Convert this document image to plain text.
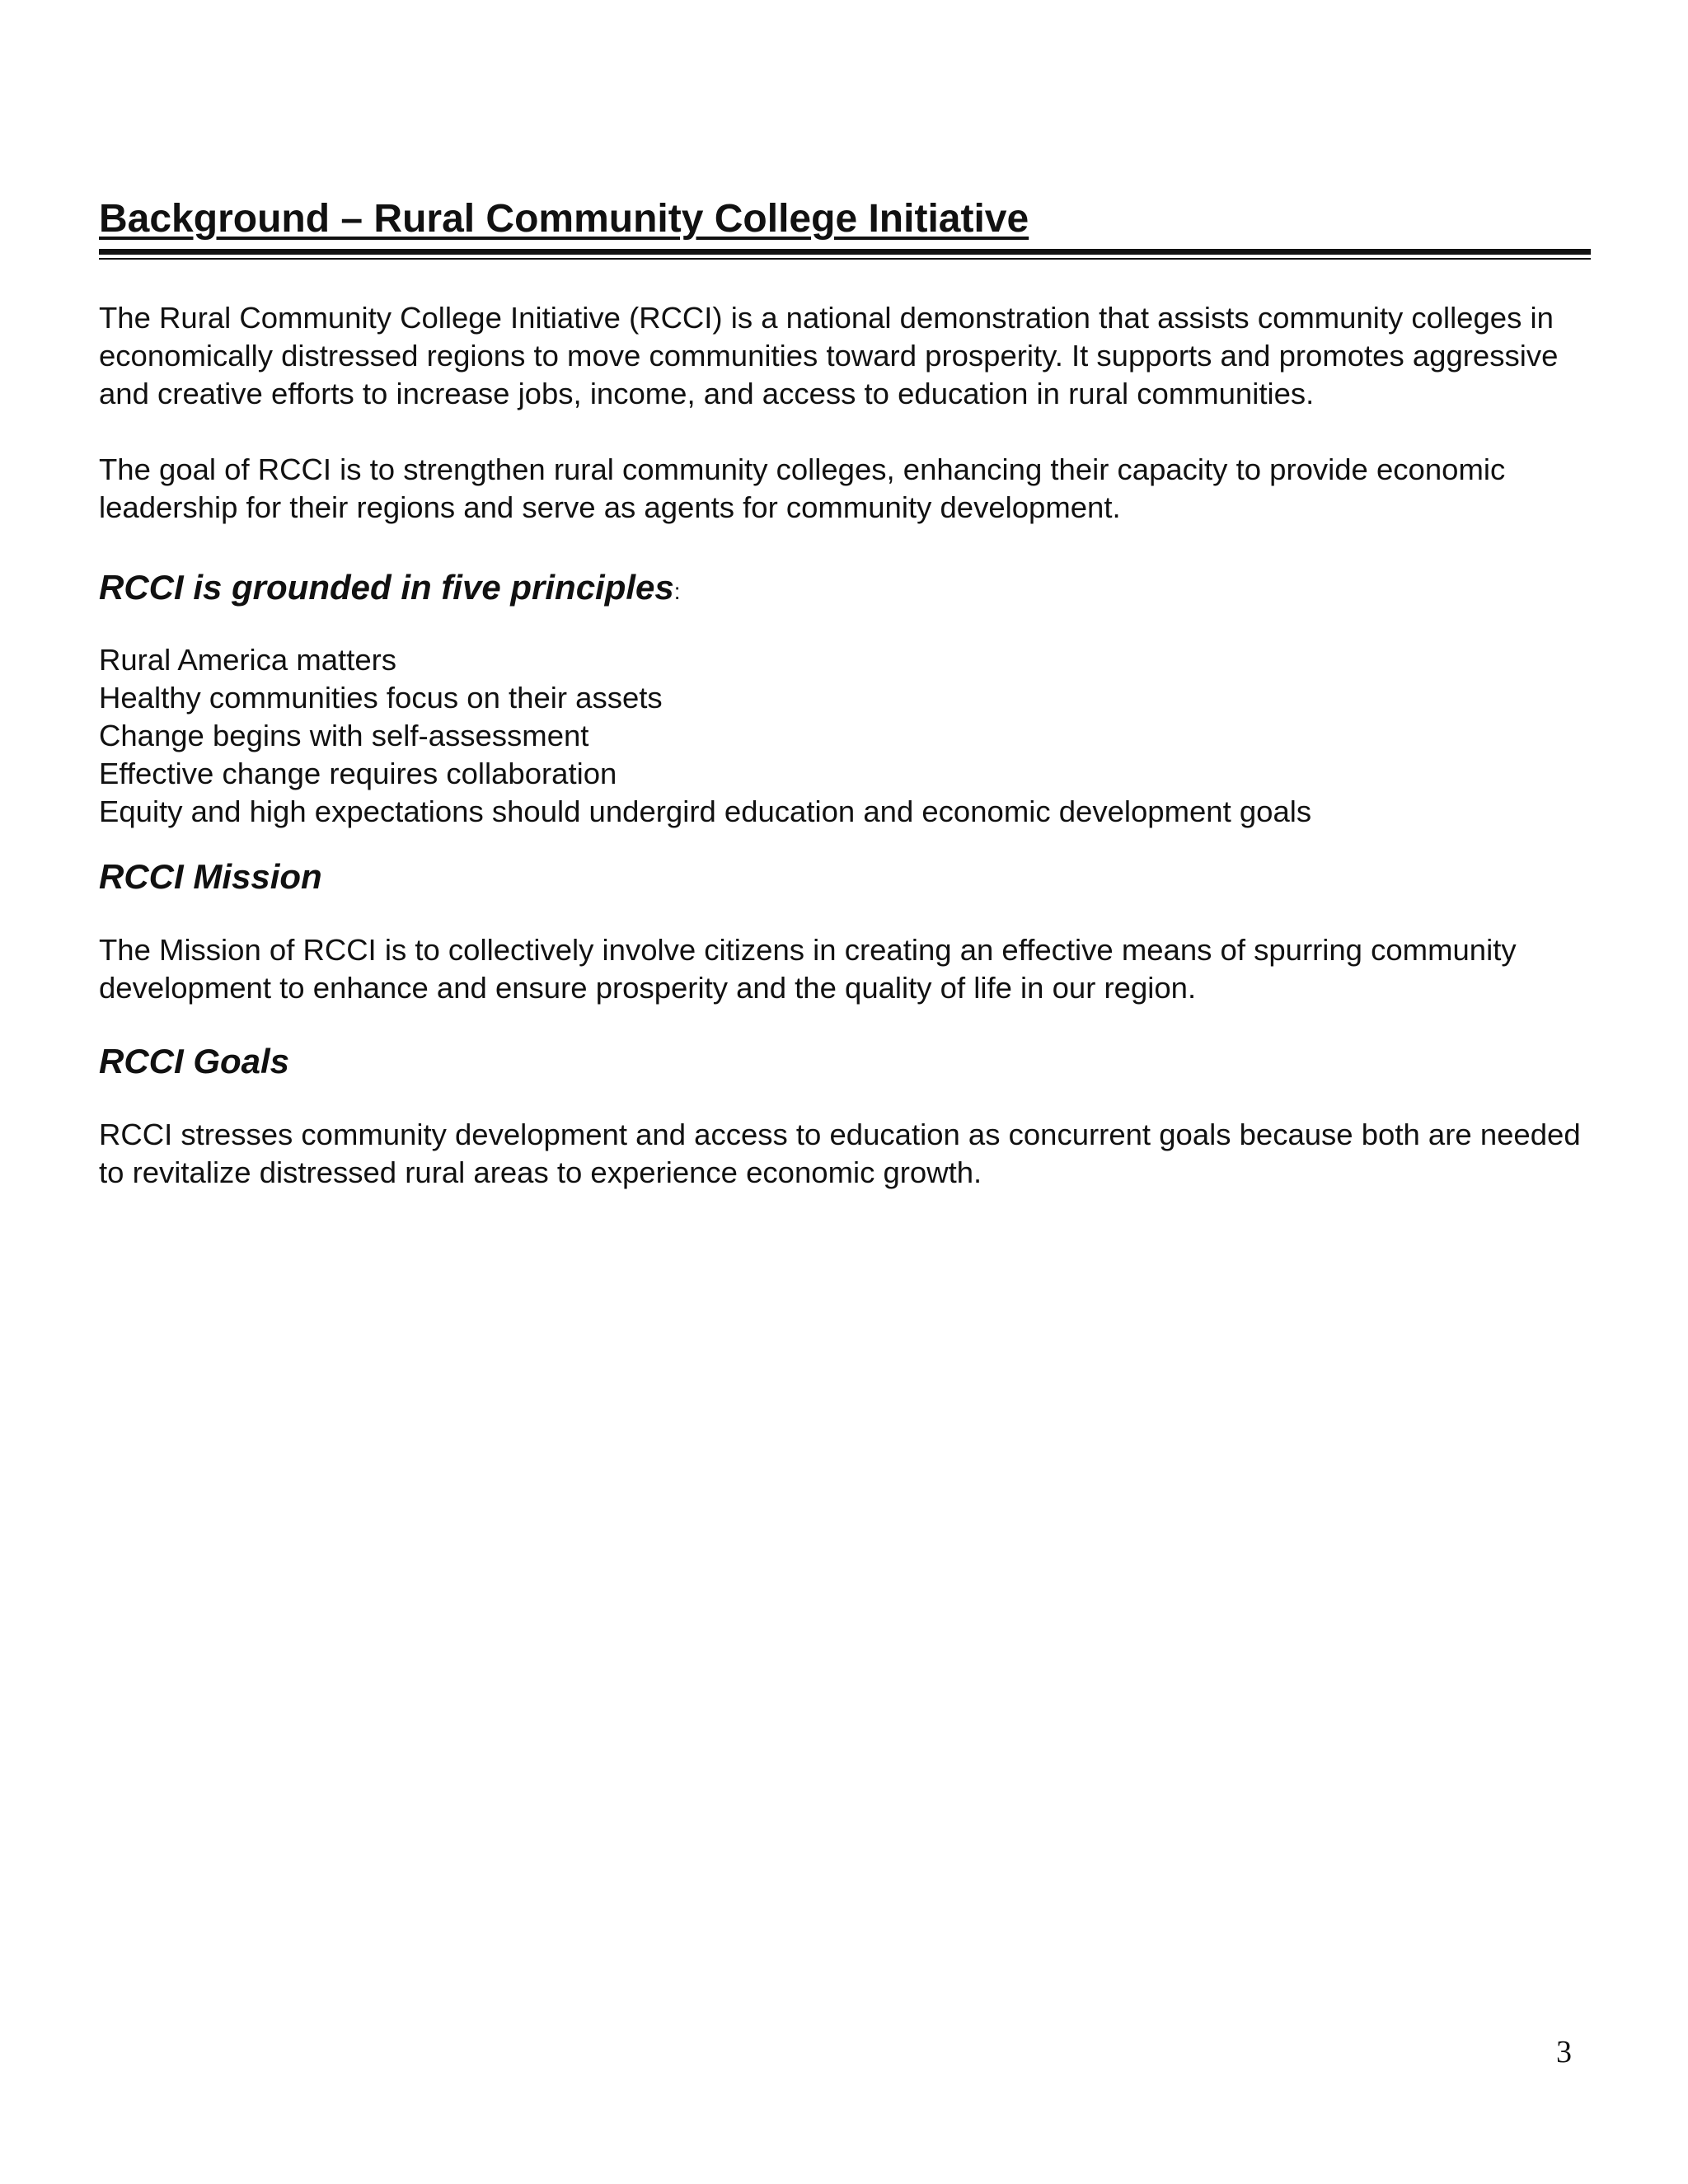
Background – Rural Community College Initiative

The Rural Community College Initiative (RCCI) is a national demonstration that assists community colleges in economically distressed regions to move communities toward prosperity. It supports and promotes aggressive and creative efforts to increase jobs, income, and access to education in rural communities.

The goal of RCCI is to strengthen rural community colleges, enhancing their capacity to provide economic leadership for their regions and serve as agents for community development.

RCCI is grounded in five principles:
Rural America matters
Healthy communities focus on their assets
Change begins with self-assessment
Effective change requires collaboration
Equity and high expectations should undergird education and economic development goals
RCCI Mission

The Mission of RCCI is to collectively involve citizens in creating an effective means of spurring community development to enhance and ensure prosperity and the quality of life in our region.

RCCI Goals

RCCI stresses community development and access to education as concurrent goals because both are needed to revitalize distressed rural areas to experience economic growth.

3
